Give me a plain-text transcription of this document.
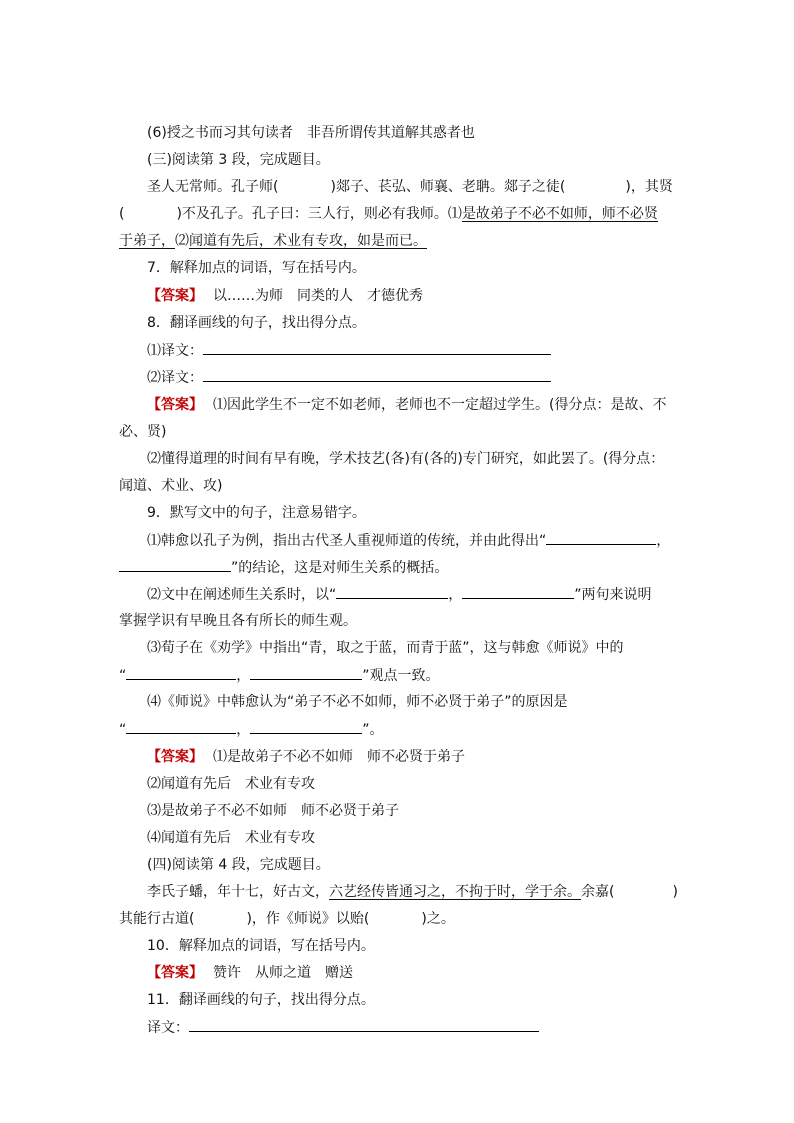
(6)授之书而习其句读者　非吾所谓传其道解其惑者也
(三)阅读第 3 段，完成题目。
圣人无常师。孔子师(	)郯子、苌弘、师襄、老聃。郯子之徒(	)，其贤
(	)不及孔子。孔子曰：三人行，则必有我师。⑴是故弟子不必不如师，师不必贤
于弟子，⑵闻道有先后，术业有专攻，如是而已。
7．解释加点的词语，写在括号内。
【答案】 以……为师　同类的人　才德优秀
8．翻译画线的句子，找出得分点。
⑴译文：
⑵译文：
【答案】 ⑴因此学生不一定不如老师，老师也不一定超过学生。(得分点：是故、不
必、贤)
⑵懂得道理的时间有早有晚，学术技艺(各)有(各的)专门研究，如此罢了。(得分点：
闻道、术业、攻)
9．默写文中的句子，注意易错字。
⑴韩愈以孔子为例，指出古代圣人重视师道的传统，并由此得出“	，
”的结论，这是对师生关系的概括。
⑵文中在阐述师生关系时，以“	，	”两句来说明
掌握学识有早晚且各有所长的师生观。
⑶荀子在《劝学》中指出“青，取之于蓝，而青于蓝”，这与韩愈《师说》中的
“	，	”观点一致。
⑷《师说》中韩愈认为“弟子不必不如师，师不必贤于弟子”的原因是
“	，	”。
【答案】 ⑴是故弟子不必不如师　师不必贤于弟子
⑵闻道有先后　术业有专攻
⑶是故弟子不必不如师　师不必贤于弟子
⑷闻道有先后　术业有专攻
(四)阅读第 4 段，完成题目。
李氏子蟠，年十七，好古文，六艺经传皆通习之，不拘于时，学于余。余嘉(	)
其能行古道(	)，作《师说》以贻(	)之。
10．解释加点的词语，写在括号内。
【答案】 赞许　从师之道　赠送
11．翻译画线的句子，找出得分点。
译文：
